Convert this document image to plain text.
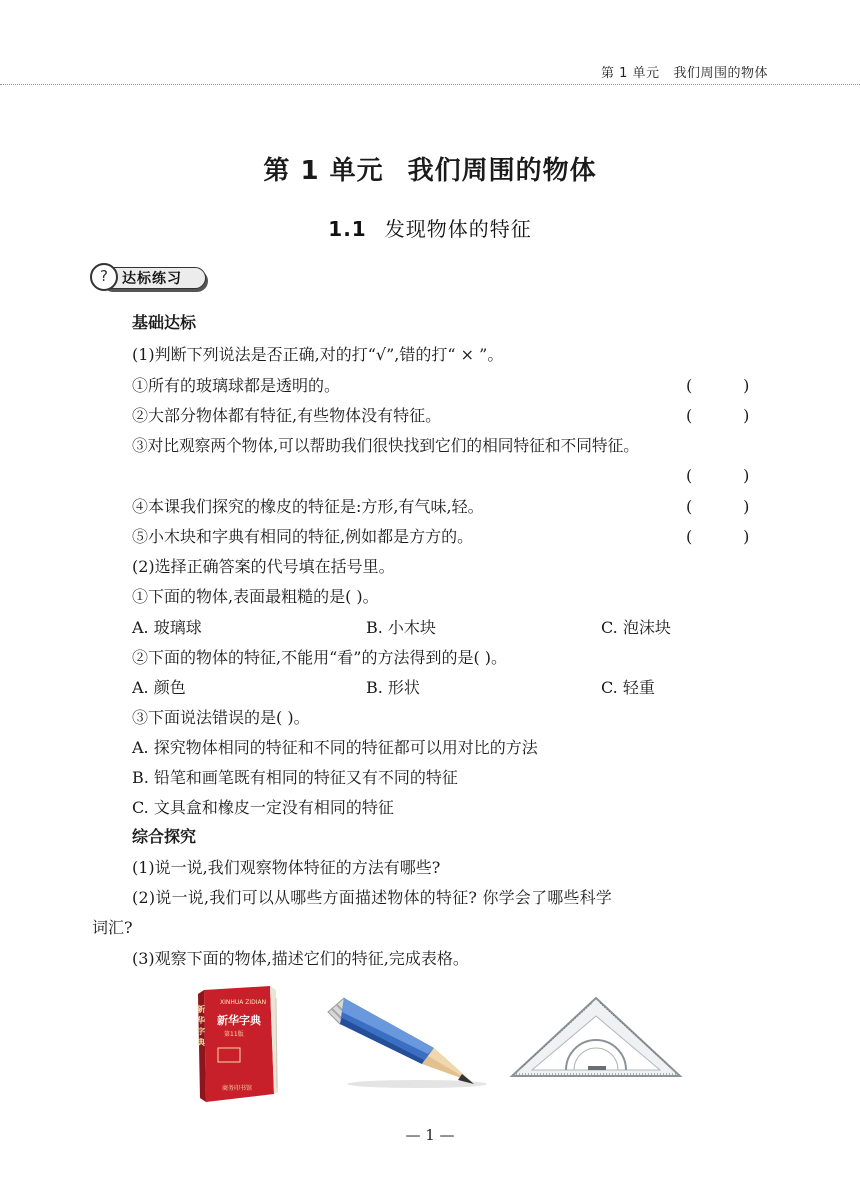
第 1 单元 我们周围的物体
第 1 单元 我们周围的物体
1.1 发现物体的特征
?	达标练习
基础达标
(1)判断下列说法是否正确,对的打“√”,错的打“ × ”。
①所有的玻璃球都是透明的。	(          )
②大部分物体都有特征,有些物体没有特征。	(          )
③对比观察两个物体,可以帮助我们很快找到它们的相同特征和不同特征。
(          )
④本课我们探究的橡皮的特征是:方形,有气味,轻。	(          )
⑤小木块和字典有相同的特征,例如都是方方的。	(          )
(2)选择正确答案的代号填在括号里。
①下面的物体,表面最粗糙的是( )。
A. 玻璃球	B. 小木块	C. 泡沫块
②下面的物体的特征,不能用“看”的方法得到的是( )。
A. 颜色	B. 形状	C. 轻重
③下面说法错误的是( )。
A. 探究物体相同的特征和不同的特征都可以用对比的方法
B. 铅笔和画笔既有相同的特征又有不同的特征
C. 文具盒和橡皮一定没有相同的特征
综合探究
(1)说一说,我们观察物体特征的方法有哪些?
(2)说一说,我们可以从哪些方面描述物体的特征? 你学会了哪些科学
词汇?
(3)观察下面的物体,描述它们的特征,完成表格。
XINHUA ZIDIAN
新华字典
第11版
商务印书馆
新华字典
— 1 —
